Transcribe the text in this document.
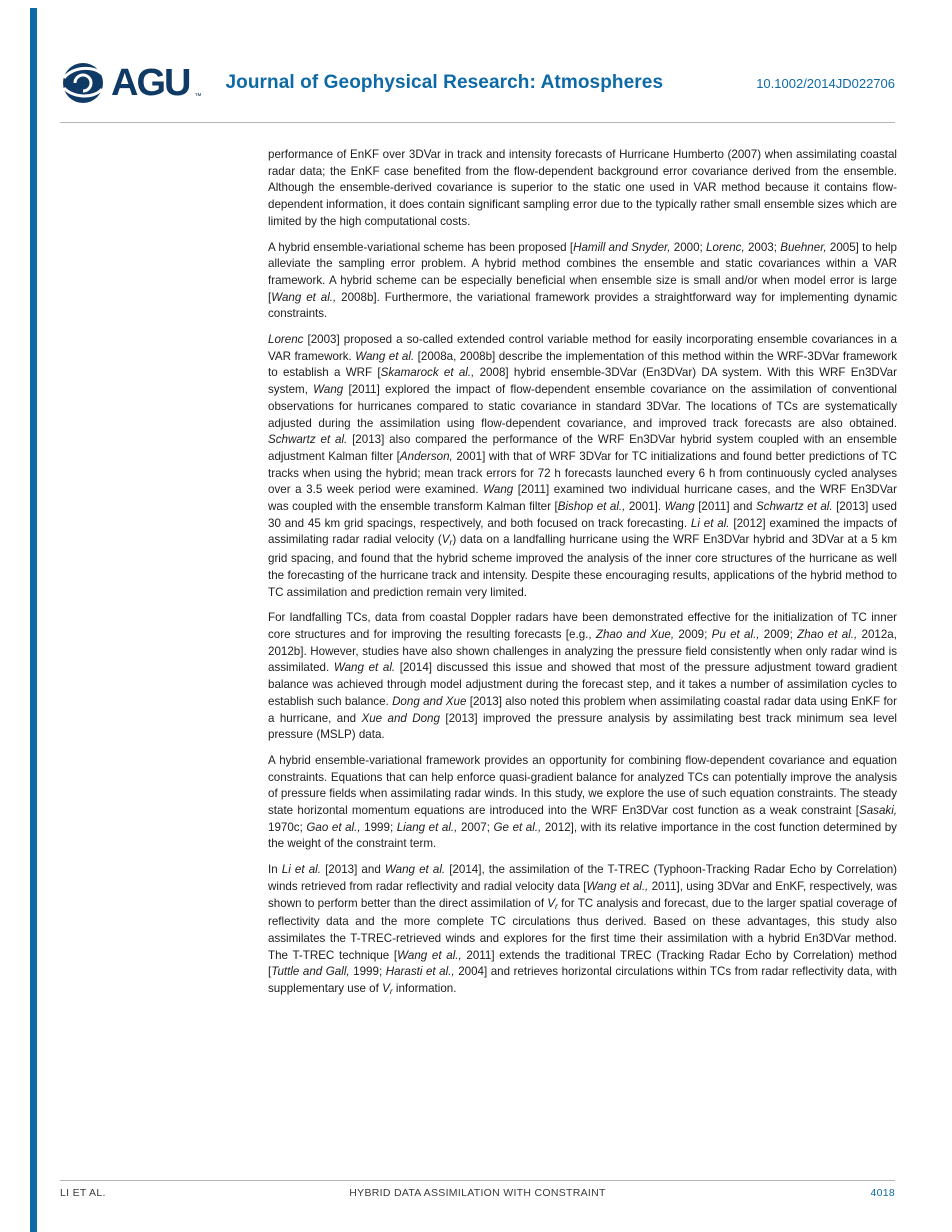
AGU ™
Journal of Geophysical Research: Atmospheres	10.1002/2014JD022706

performance of EnKF over 3DVar in track and intensity forecasts of Hurricane Humberto (2007) when assimilating coastal radar data; the EnKF case benefited from the flow-dependent background error covariance derived from the ensemble. Although the ensemble-derived covariance is superior to the static one used in VAR method because it contains flow-dependent information, it does contain significant sampling error due to the typically rather small ensemble sizes which are limited by the high computational costs.

A hybrid ensemble-variational scheme has been proposed [Hamill and Snyder, 2000; Lorenc, 2003; Buehner, 2005] to help alleviate the sampling error problem. A hybrid method combines the ensemble and static covariances within a VAR framework. A hybrid scheme can be especially beneficial when ensemble size is small and/or when model error is large [Wang et al., 2008b]. Furthermore, the variational framework provides a straightforward way for implementing dynamic constraints.

Lorenc [2003] proposed a so-called extended control variable method for easily incorporating ensemble covariances in a VAR framework. Wang et al. [2008a, 2008b] describe the implementation of this method within the WRF-3DVar framework to establish a WRF [Skamarock et al., 2008] hybrid ensemble-3DVar (En3DVar) DA system. With this WRF En3DVar system, Wang [2011] explored the impact of flow-dependent ensemble covariance on the assimilation of conventional observations for hurricanes compared to static covariance in standard 3DVar. The locations of TCs are systematically adjusted during the assimilation using flow-dependent covariance, and improved track forecasts are also obtained. Schwartz et al. [2013] also compared the performance of the WRF En3DVar hybrid system coupled with an ensemble adjustment Kalman filter [Anderson, 2001] with that of WRF 3DVar for TC initializations and found better predictions of TC tracks when using the hybrid; mean track errors for 72 h forecasts launched every 6 h from continuously cycled analyses over a 3.5 week period were examined. Wang [2011] examined two individual hurricane cases, and the WRF En3DVar was coupled with the ensemble transform Kalman filter [Bishop et al., 2001]. Wang [2011] and Schwartz et al. [2013] used 30 and 45 km grid spacings, respectively, and both focused on track forecasting. Li et al. [2012] examined the impacts of assimilating radar radial velocity (Vr) data on a landfalling hurricane using the WRF En3DVar hybrid and 3DVar at a 5 km grid spacing, and found that the hybrid scheme improved the analysis of the inner core structures of the hurricane as well the forecasting of the hurricane track and intensity. Despite these encouraging results, applications of the hybrid method to TC assimilation and prediction remain very limited.

For landfalling TCs, data from coastal Doppler radars have been demonstrated effective for the initialization of TC inner core structures and for improving the resulting forecasts [e.g., Zhao and Xue, 2009; Pu et al., 2009; Zhao et al., 2012a, 2012b]. However, studies have also shown challenges in analyzing the pressure field consistently when only radar wind is assimilated. Wang et al. [2014] discussed this issue and showed that most of the pressure adjustment toward gradient balance was achieved through model adjustment during the forecast step, and it takes a number of assimilation cycles to establish such balance. Dong and Xue [2013] also noted this problem when assimilating coastal radar data using EnKF for a hurricane, and Xue and Dong [2013] improved the pressure analysis by assimilating best track minimum sea level pressure (MSLP) data.

A hybrid ensemble-variational framework provides an opportunity for combining flow-dependent covariance and equation constraints. Equations that can help enforce quasi-gradient balance for analyzed TCs can potentially improve the analysis of pressure fields when assimilating radar winds. In this study, we explore the use of such equation constraints. The steady state horizontal momentum equations are introduced into the WRF En3DVar cost function as a weak constraint [Sasaki, 1970c; Gao et al., 1999; Liang et al., 2007; Ge et al., 2012], with its relative importance in the cost function determined by the weight of the constraint term.

In Li et al. [2013] and Wang et al. [2014], the assimilation of the T-TREC (Typhoon-Tracking Radar Echo by Correlation) winds retrieved from radar reflectivity and radial velocity data [Wang et al., 2011], using 3DVar and EnKF, respectively, was shown to perform better than the direct assimilation of Vr for TC analysis and forecast, due to the larger spatial coverage of reflectivity data and the more complete TC circulations thus derived. Based on these advantages, this study also assimilates the T-TREC-retrieved winds and explores for the first time their assimilation with a hybrid En3DVar method. The T-TREC technique [Wang et al., 2011] extends the traditional TREC (Tracking Radar Echo by Correlation) method [Tuttle and Gall, 1999; Harasti et al., 2004] and retrieves horizontal circulations within TCs from radar reflectivity data, with supplementary use of Vr information.

LI ET AL.	HYBRID DATA ASSIMILATION WITH CONSTRAINT	4018
